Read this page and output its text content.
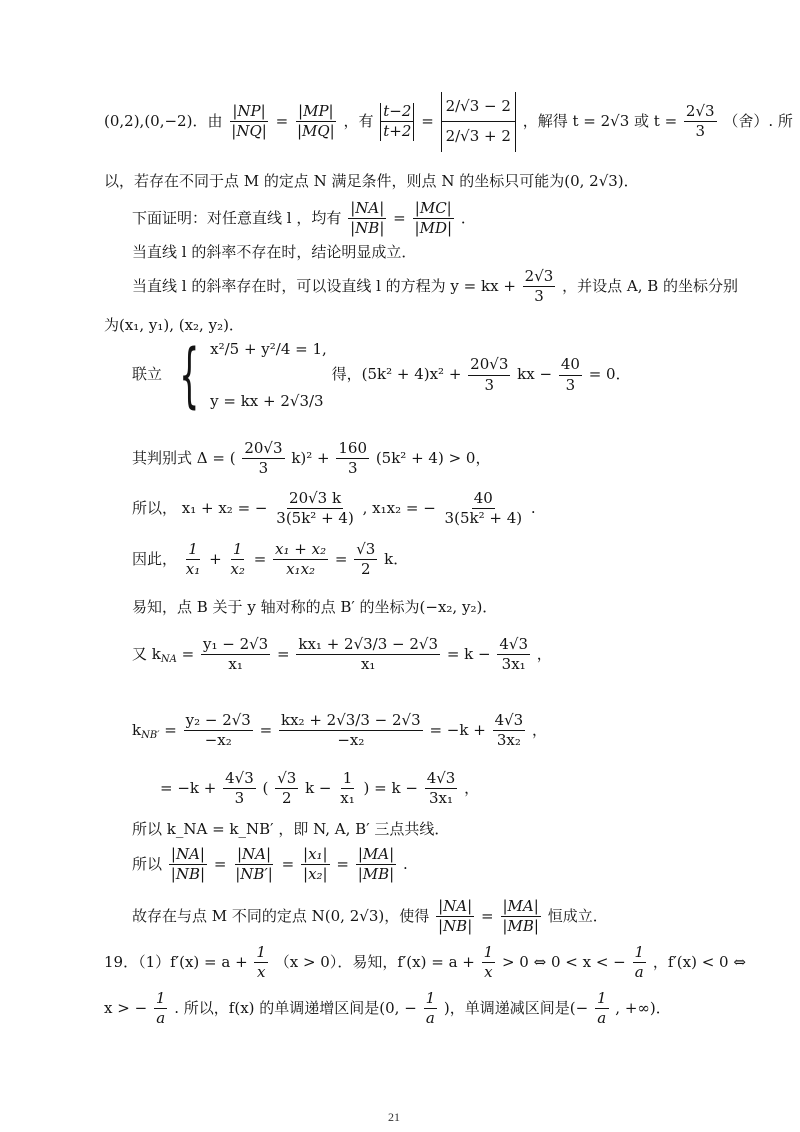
(0,2),(0,−2)．由 $\frac{|NP|}{|NQ|} = \frac{|MP|}{|MQ|}$ ，有 $\frac{t-2}{t+2} = \frac{2/√3 - 2}{2/√3 + 2}$ ，解得 t = 2√3 或 $t = \frac{2√3}{3}$ （舍）. 所
以，若存在不同于点 M 的定点 N 满足条件，则点 N 的坐标只可能为(0, 2√3)．
下面证明：对任意直线 l ，均有 $\frac{|NA|}{|NB|} = \frac{|MC|}{|MD|}$ ．
当直线 l 的斜率不存在时，结论明显成立．
当直线 l 的斜率存在时，可以设直线 l 的方程为 y = kx + $\frac{2√3}{3}$ ，并设点 A, B 的坐标分别
为(x₁, y₁), (x₂, y₂)．
联立 { x²/5 + y²/4 = 1,
y = kx + 2√3/3
得，$(5k^2 + 4)x^2 + \frac{20√3}{3}$ kx − $\frac{40}{3} = 0$．
其判别式 Δ = ( $\frac{20√3}{3} k)^2 + \frac{160}{3} (5k^2 + 4) > 0$，
所以， x₁ + x₂ = − $\frac{20√3 k}{\text{3(5k² + 4)}}$ , x₁x₂ = − $\frac{40}{\text{3(5k² + 4)}}$ .
因此， $\frac{1}{\text{x₁}} + \frac{1}{\text{x₂}} = \frac{\text{x₁ + x₂}}{\text{x₁x₂}} = \frac{√3}{2}$ k．
易知，点 B 关于 y 轴对称的点 B′ 的坐标为(−x₂, y₂)．
又 $k_{NA} = \frac{\text{y₁ − 2√3}}{\text{x₁}} = \frac{\text{kx₁ + 2√3/3 − 2√3}}{\text{x₁}} = k - \frac{4√3}{\text{3x₁}}$ ，
$k_{NB'} = \frac{\text{y₂ − 2√3}}{\text{−x₂}} = \frac{\text{kx₂ + 2√3/3 − 2√3}}{\text{−x₂}} = -k + \frac{4√3}{\text{3x₂}}$ ，
= $-k + \frac{4√3}{3}$ ( $\frac{√3}{2}$ $k - \frac{1}{\text{x₁}}$ ) = $k - \frac{4√3}{\text{3x₁}}$ ，
所以 k_NA = k_NB′ ，即 N, A, B′ 三点共线．
所以 $\frac{|NA|}{|NB|} = \frac{|NA|}{|NB'|} = \frac{\text{|x₁|}}{\text{|x₂|}} = \frac{|MA|}{|MB|}$ .
故存在与点 M 不同的定点 N(0, 2√3)，使得 $\frac{|NA|}{|NB|} = \frac{|MA|}{|MB|}$ 恒成立．
19．$(1)f'(x) = a + \frac{1}{x} (x > 0)$．易知，$f'(x) = a + \frac{1}{x} > 0$ ⇔ 0 < x < − $\frac{1}{a}$ ，f′(x) < 0 ⇔
x > − $\frac{1}{a}$ . 所以，f(x) 的单调递增区间是(0, − $\frac{1}{a}$ )，单调递减区间是(− $\frac{1}{a}$ , +∞)．
21
